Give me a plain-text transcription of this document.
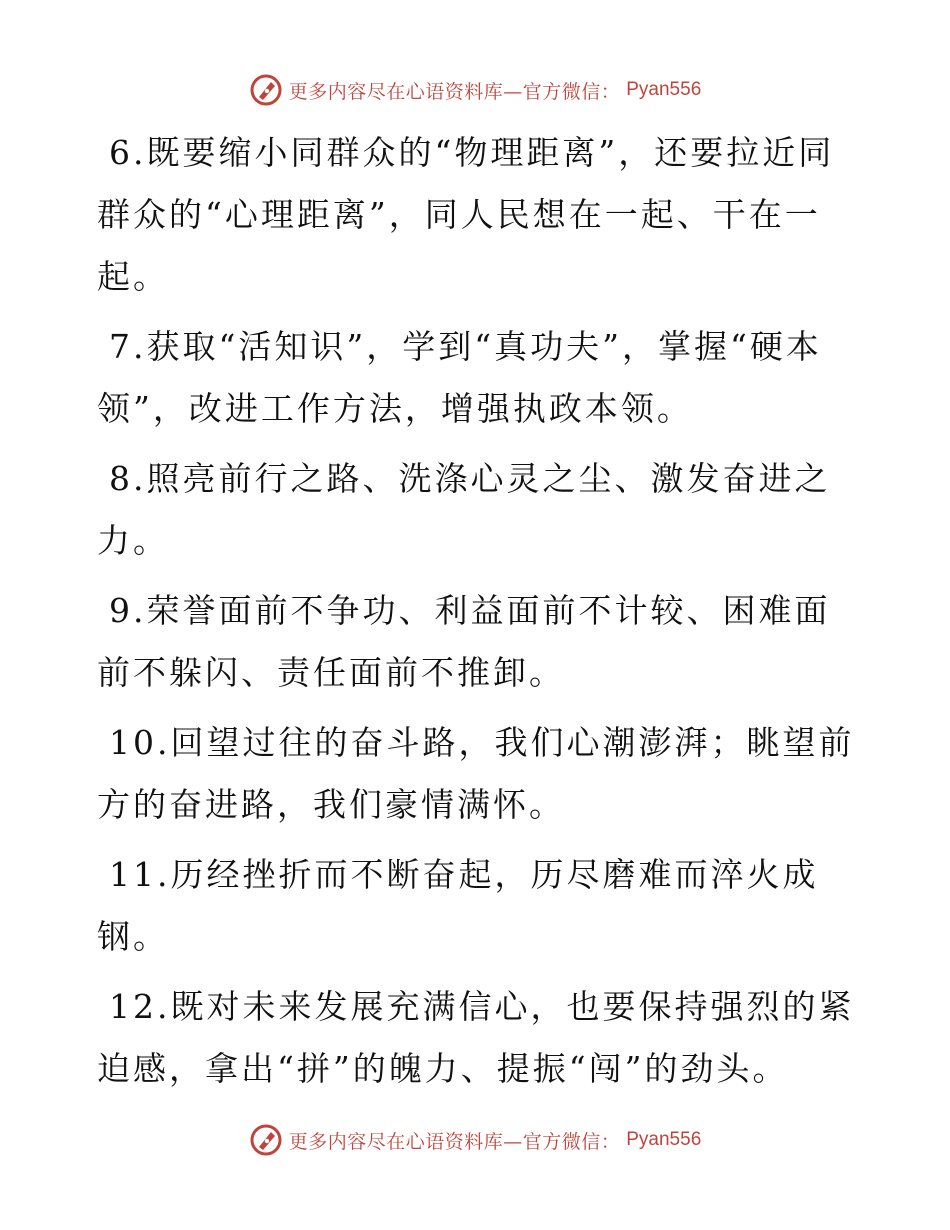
更多内容尽在心语资料库—官方微信： Pyan556

6.既要缩小同群众的“物理距离”，还要拉近同群众的“心理距离”，同人民想在一起、干在一起。

7.获取“活知识”，学到“真功夫”，掌握“硬本领”，改进工作方法，增强执政本领。

8.照亮前行之路、洗涤心灵之尘、激发奋进之力。

9.荣誉面前不争功、利益面前不计较、困难面前不躲闪、责任面前不推卸。

10.回望过往的奋斗路，我们心潮澎湃；眺望前方的奋进路，我们豪情满怀。

11.历经挫折而不断奋起，历尽磨难而淬火成钢。

12.既对未来发展充满信心，也要保持强烈的紧迫感，拿出“拼”的魄力、提振“闯”的劲头。

更多内容尽在心语资料库—官方微信： Pyan556
